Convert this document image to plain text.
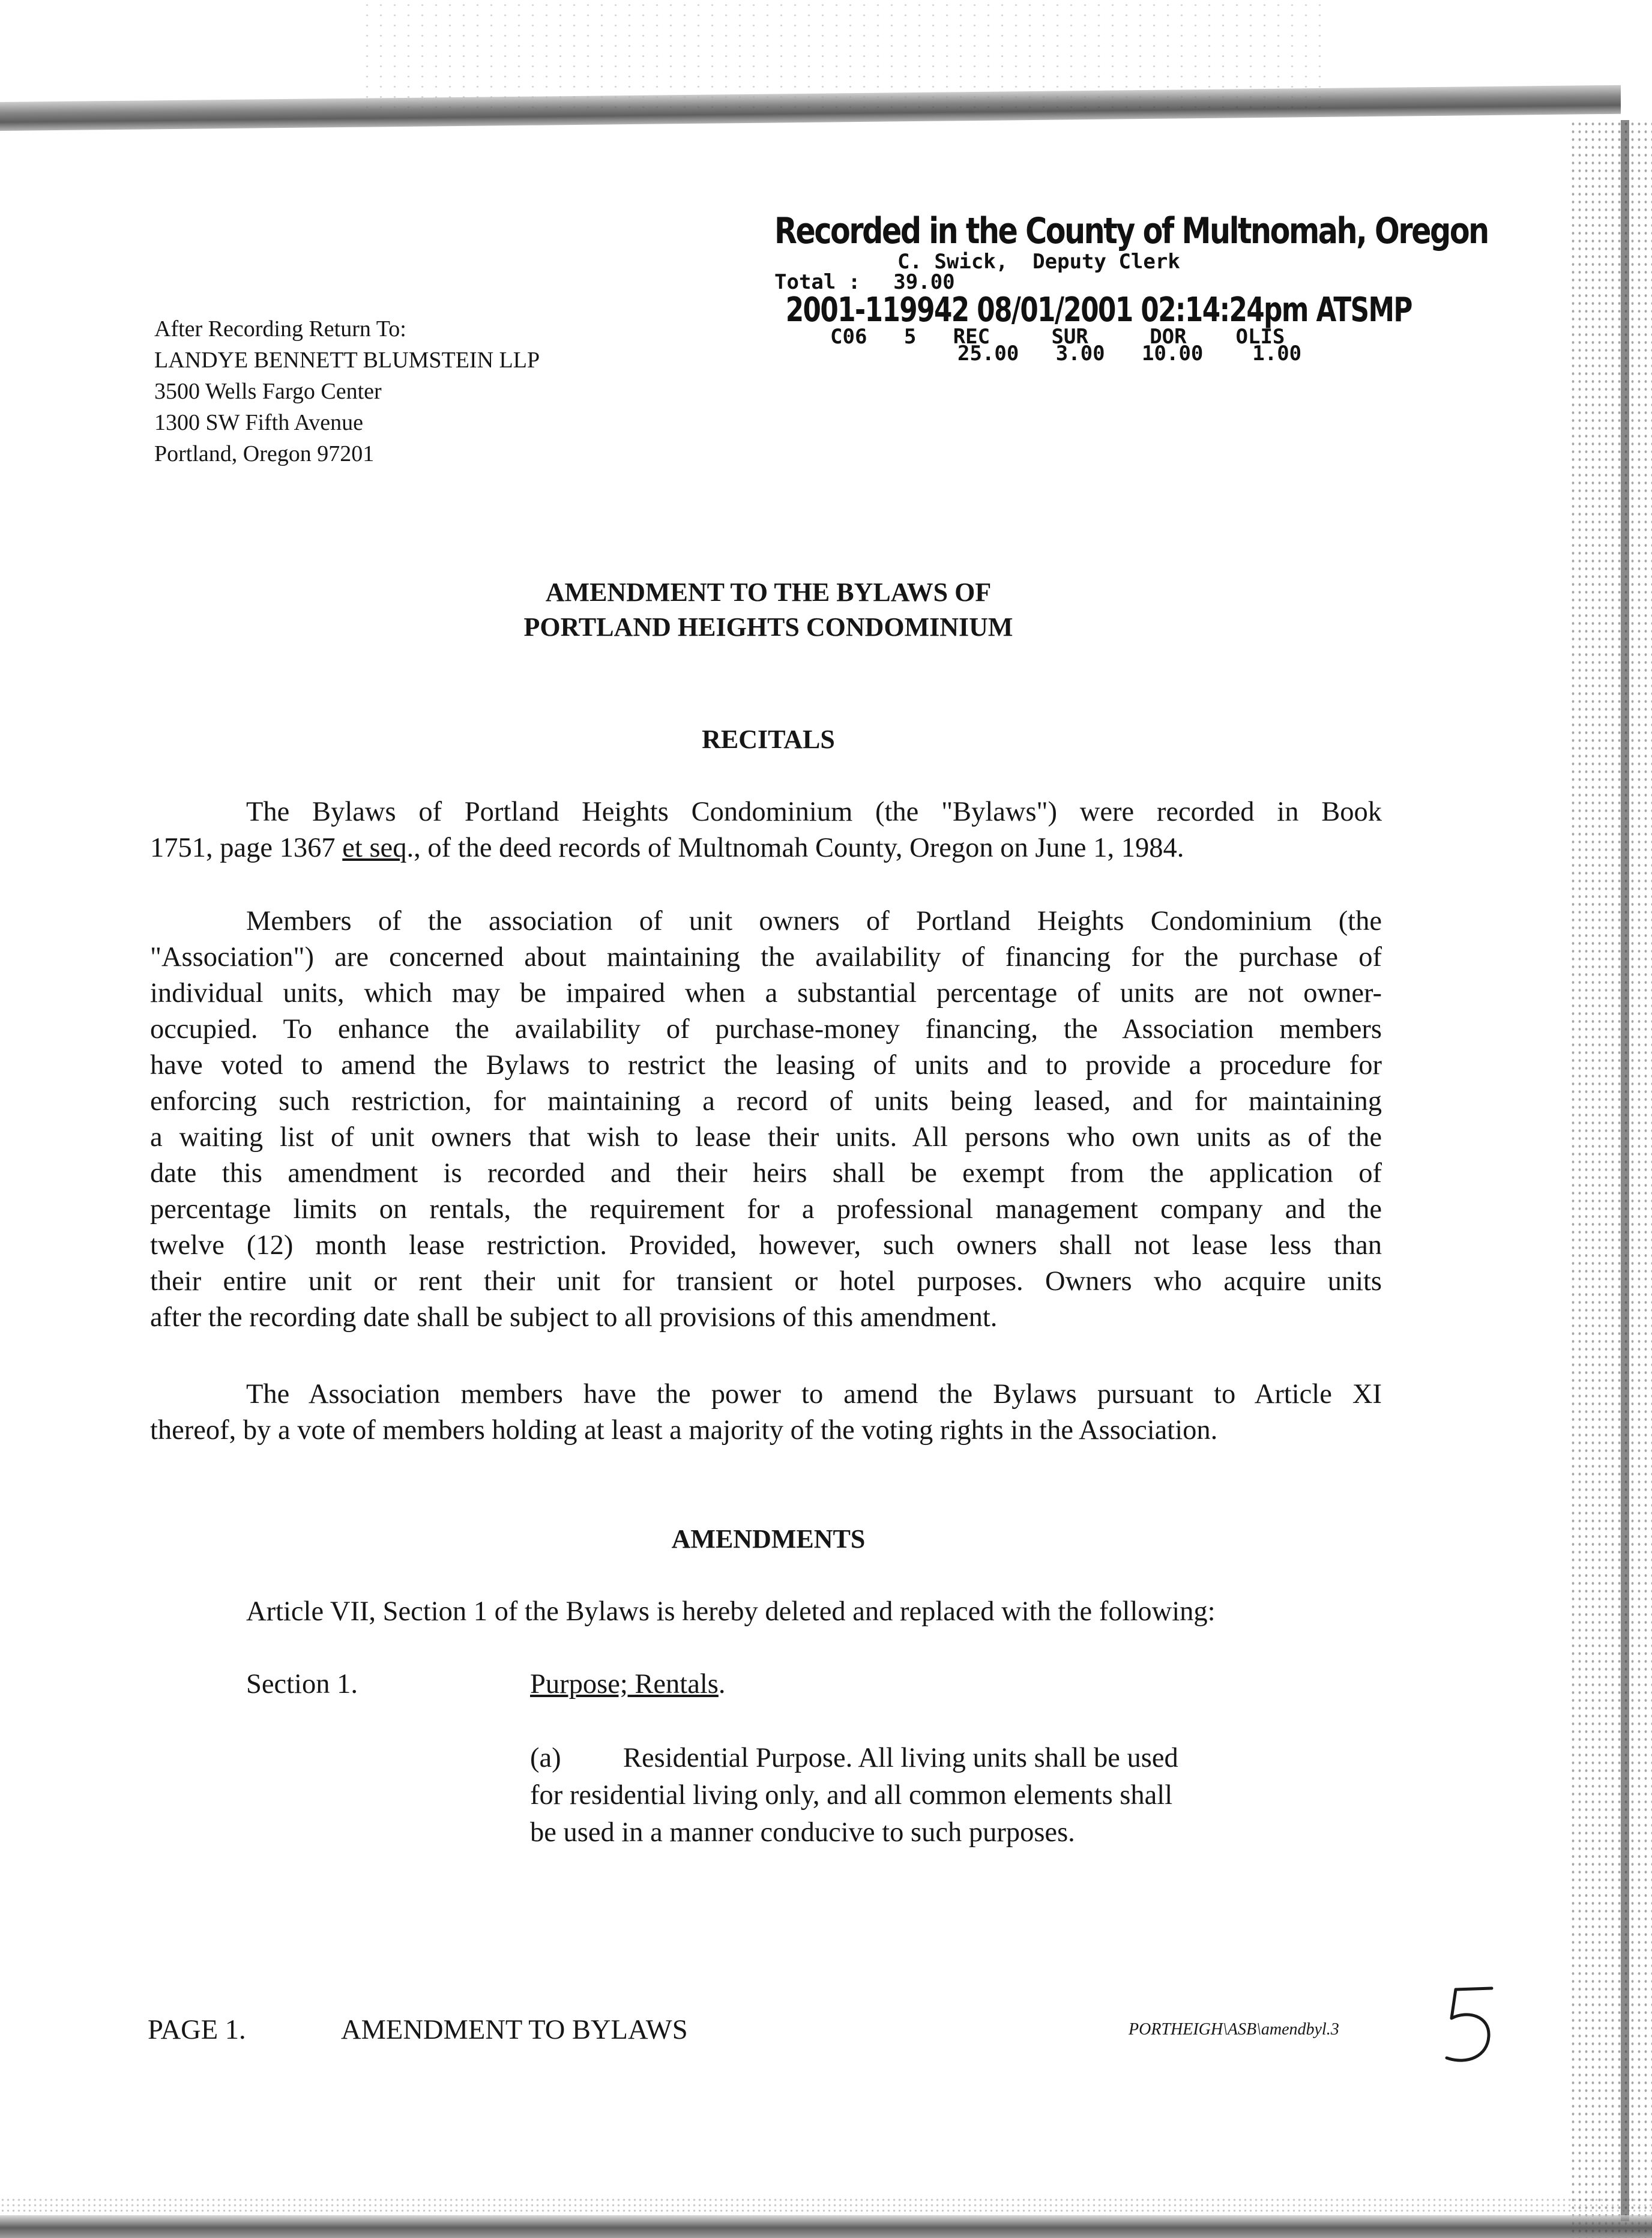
Recorded in the County of Multnomah, Oregon
C. Swick,  Deputy Clerk
Total : 39.00
2001-119942 08/01/2001 02:14:24pm ATSMP
C06   5   REC     SUR     DOR    OLIS
25.00   3.00   10.00    1.00
After Recording Return To:
LANDYE BENNETT BLUMSTEIN LLP
3500 Wells Fargo Center
1300 SW Fifth Avenue
Portland, Oregon 97201
AMENDMENT TO THE BYLAWS OF
PORTLAND HEIGHTS CONDOMINIUM
RECITALS
The Bylaws of Portland Heights Condominium (the "Bylaws") were recorded in Book
1751, page 1367 et seq., of the deed records of Multnomah County, Oregon on June 1, 1984.
Members of the association of unit owners of Portland Heights Condominium (the
"Association") are concerned about maintaining the availability of financing for the purchase of
individual units, which may be impaired when a substantial percentage of units are not owner-
occupied. To enhance the availability of purchase-money financing, the Association members
have voted to amend the Bylaws to restrict the leasing of units and to provide a procedure for
enforcing such restriction, for maintaining a record of units being leased, and for maintaining
a waiting list of unit owners that wish to lease their units. All persons who own units as of the
date this amendment is recorded and their heirs shall be exempt from the application of
percentage limits on rentals, the requirement for a professional management company and the
twelve (12) month lease restriction. Provided, however, such owners shall not lease less than
their entire unit or rent their unit for transient or hotel purposes. Owners who acquire units
after the recording date shall be subject to all provisions of this amendment.
The Association members have the power to amend the Bylaws pursuant to Article XI
thereof, by a vote of members holding at least a majority of the voting rights in the Association.
AMENDMENTS
Article VII, Section 1 of the Bylaws is hereby deleted and replaced with the following:
Section 1.	Purpose; Rentals.
(a) Residential Purpose. All living units shall be used
for residential living only, and all common elements shall
be used in a manner conducive to such purposes.
PAGE 1.	AMENDMENT TO BYLAWS	PORTHEIGH\ASB\amendbyl.3
